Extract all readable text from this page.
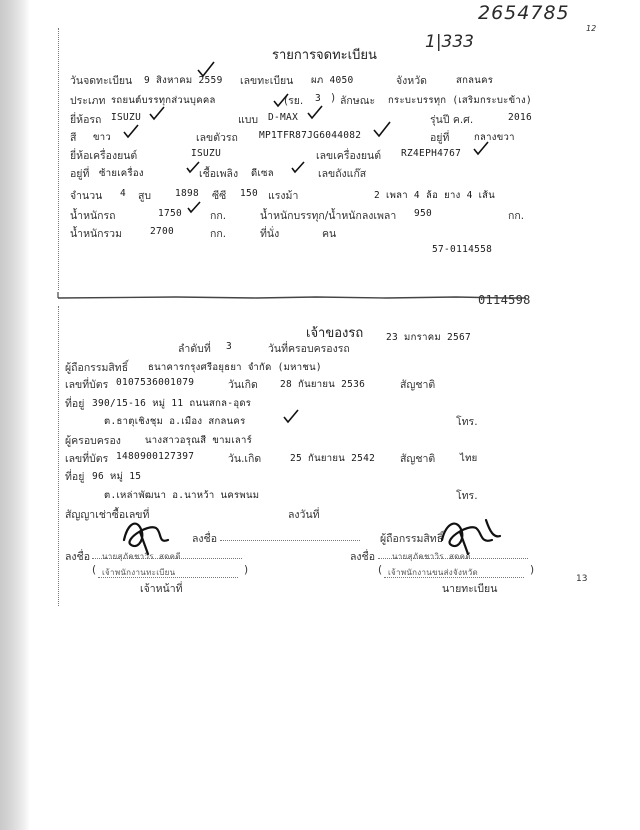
2654785
12
1|333
รายการจดทะเบียน
วันจดทะเบียน 9 สิงหาคม 2559 เลขทะเบียน ผภ 4050	จังหวัด	สกลนคร
ประเภท รถยนต์บรรทุกส่วนบุคคล	(รย. 3 ) ลักษณะ กระบะบรรทุก (เสริมกระบะข้าง)
ยี่ห้อรถ ISUZU	แบบ D-MAX	รุ่นปี ค.ศ.	2016
สี ขาว	เลขตัวรถ MP1TFR87JG6044082	อยู่ที่	กลางขวา
ยี่ห้อเครื่องยนต์	ISUZU	เลขเครื่องยนต์ RZ4EPH4767
อยู่ที่ ซ้ายเครื่อง	เชื้อเพลิง ดีเซล	เลขถังแก๊ส
จำนวน 4 สูบ	1898 ซีซี 150 แรงม้า	2 เพลา 4 ล้อ ยาง 4 เส้น
น้ำหนักรถ	1750	กก.	น้ำหนักบรรทุก/น้ำหนักลงเพลา 950	กก.
น้ำหนักรวม	2700	กก.	ที่นั่ง	คน
57-0114558
0114598
เจ้าของรถ
ลำดับที่ 3	วันที่ครอบครองรถ
23 มกราคม 2567
ผู้ถือกรรมสิทธิ์ ธนาคารกรุงศรีอยุธยา จำกัด (มหาชน)
เลขที่บัตร 0107536001079	วันเกิด 28 กันยายน 2536	สัญชาติ
ที่อยู่ 390/15-16 หมู่ 11 ถนนสกล-อุดร
ต.ธาตุเชิงชุม อ.เมือง สกลนคร	โทร.
ผู้ครอบครอง	นางสาวอรุณสี ขามเลาร์
เลขที่บัตร 1480900127397	วัน.เกิด	25 กันยายน 2542 สัญชาติ	ไทย
ที่อยู่ 96 หมู่ 15
ต.เหล่าพัฒนา อ.นาหว้า นครพนม	โทร.
สัญญาเช่าซื้อเลขที่	ลงวันที่
ลงชื่อ	ผู้ถือกรรมสิทธิ์
ลงชื่อ นายสุภัคชาวิร สดคดี
( เจ้าพนักงานทะเบียน	)
เจ้าหน้าที่
ลงชื่อ นายสุภัคชาวิร สดคดี
( เจ้าพนักงานขนส่งจังหวัด	)
นายทะเบียน
13
